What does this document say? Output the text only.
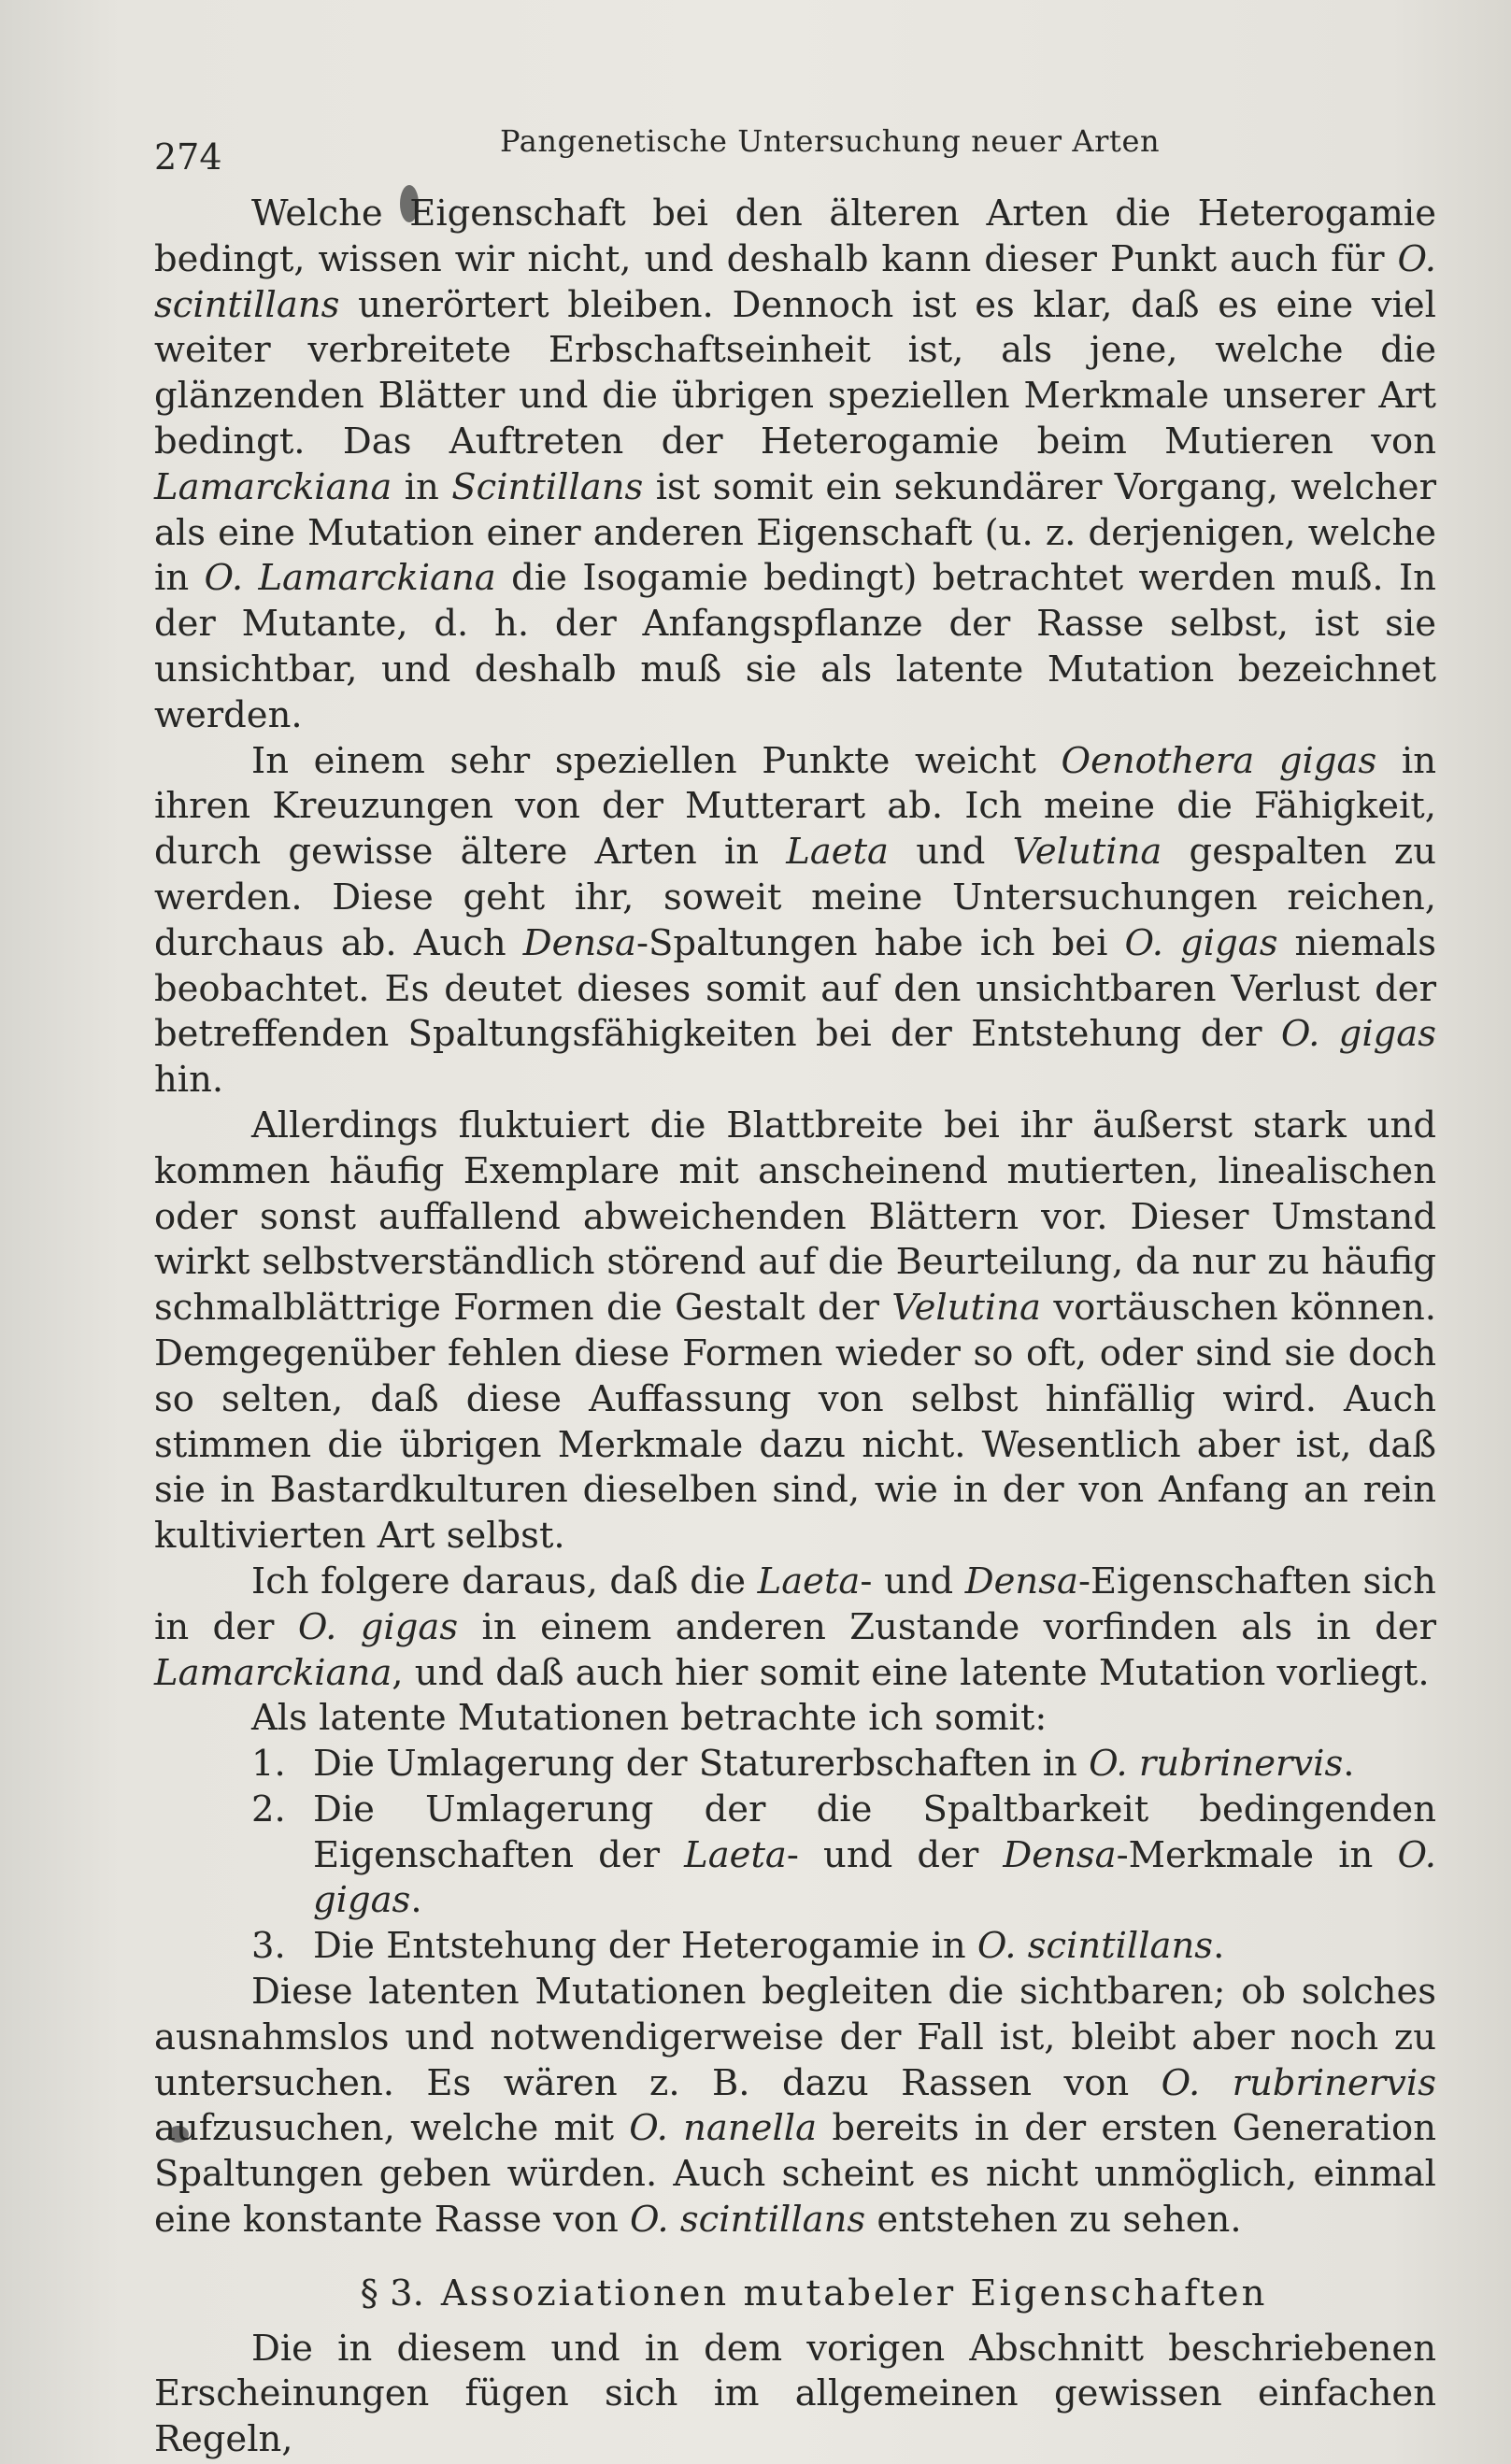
274	Pangenetische Untersuchung neuer Arten

Welche Eigenschaft bei den älteren Arten die Heterogamie bedingt, wissen wir nicht, und deshalb kann dieser Punkt auch für O. scintillans unerörtert bleiben. Dennoch ist es klar, daß es eine viel weiter verbreitete Erbschaftseinheit ist, als jene, welche die glänzenden Blätter und die übrigen speziellen Merkmale unserer Art bedingt. Das Auftreten der Heterogamie beim Mutieren von Lamarckiana in Scintillans ist somit ein sekundärer Vorgang, welcher als eine Mutation einer anderen Eigenschaft (u. z. derjenigen, welche in O. Lamarckiana die Isogamie bedingt) betrachtet werden muß. In der Mutante, d. h. der Anfangspflanze der Rasse selbst, ist sie unsichtbar, und deshalb muß sie als latente Mutation bezeichnet werden.

In einem sehr speziellen Punkte weicht Oenothera gigas in ihren Kreuzungen von der Mutterart ab. Ich meine die Fähigkeit, durch gewisse ältere Arten in Laeta und Velutina gespalten zu werden. Diese geht ihr, soweit meine Untersuchungen reichen, durchaus ab. Auch Densa-Spaltungen habe ich bei O. gigas niemals beobachtet. Es deutet dieses somit auf den unsichtbaren Verlust der betreffenden Spaltungsfähigkeiten bei der Entstehung der O. gigas hin.

Allerdings fluktuiert die Blattbreite bei ihr äußerst stark und kommen häufig Exemplare mit anscheinend mutierten, linealischen oder sonst auffallend abweichenden Blättern vor. Dieser Umstand wirkt selbstverständlich störend auf die Beurteilung, da nur zu häufig schmalblättrige Formen die Gestalt der Velutina vortäuschen können. Demgegenüber fehlen diese Formen wieder so oft, oder sind sie doch so selten, daß diese Auffassung von selbst hinfällig wird. Auch stimmen die übrigen Merkmale dazu nicht. Wesentlich aber ist, daß sie in Bastardkulturen dieselben sind, wie in der von Anfang an rein kultivierten Art selbst.

Ich folgere daraus, daß die Laeta- und Densa-Eigenschaften sich in der O. gigas in einem anderen Zustande vorfinden als in der Lamarckiana, und daß auch hier somit eine latente Mutation vorliegt.

Als latente Mutationen betrachte ich somit:

1. Die Umlagerung der Staturerbschaften in O. rubrinervis.
2. Die Umlagerung der die Spaltbarkeit bedingenden Eigenschaften der Laeta- und der Densa-Merkmale in O. gigas.
3. Die Entstehung der Heterogamie in O. scintillans.

Diese latenten Mutationen begleiten die sichtbaren; ob solches ausnahmslos und notwendigerweise der Fall ist, bleibt aber noch zu untersuchen. Es wären z. B. dazu Rassen von O. rubrinervis aufzusuchen, welche mit O. nanella bereits in der ersten Generation Spaltungen geben würden. Auch scheint es nicht unmöglich, einmal eine konstante Rasse von O. scintillans entstehen zu sehen.

§ 3. Assoziationen mutabeler Eigenschaften

Die in diesem und in dem vorigen Abschnitt beschriebenen Erscheinungen fügen sich im allgemeinen gewissen einfachen Regeln,
